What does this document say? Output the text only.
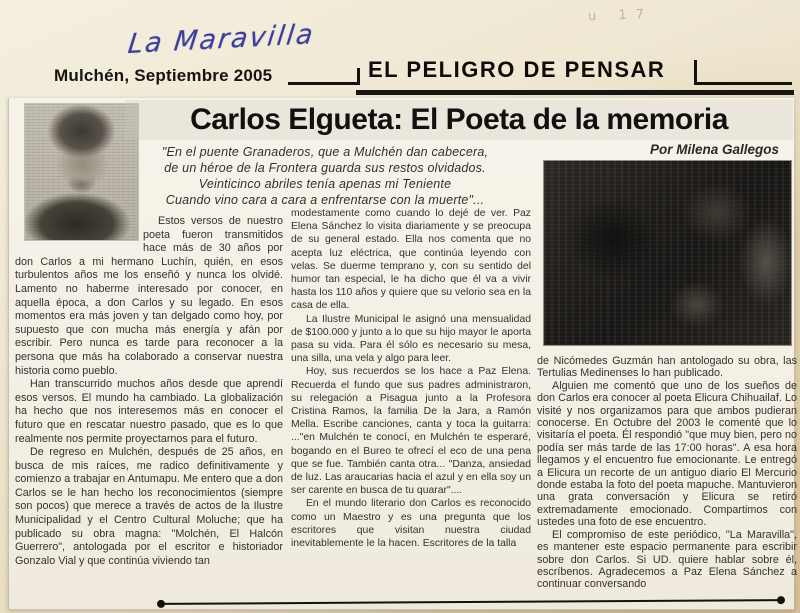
La Maravilla
u 17
Mulchén, Septiembre 2005	EL PELIGRO DE PENSAR
Carlos Elgueta: El Poeta de la memoria
"En el puente Granaderos, que a Mulchén dan cabecera,
de un héroe de la Frontera guarda sus restos olvidados.
Veinticinco abriles tenía apenas mi Teniente
Cuando vino cara a cara a enfrentarse con la muerte"...
Por Milena Gallegos

Estos versos de nuestro poeta fueron transmitidos hace más de 30 años por don Carlos a mi hermano Luchín, quién, en esos turbulentos años me los enseñó y nunca los olvidé. Lamento no haberme interesado por conocer, en aquella época, a don Carlos y su legado. En esos momentos era más joven y tan delgado como hoy, por supuesto que con mucha más energía y afán por escribir. Pero nunca es tarde para reconocer a la persona que más ha colaborado a conservar nuestra historia como pueblo.

Han transcurrido muchos años desde que aprendí esos versos. El mundo ha cambiado. La globalización ha hecho que nos interesemos más en conocer el futuro que en rescatar nuestro pasado, que es lo que realmente nos permite proyectarnos para el futuro.

De regreso en Mulchén, después de 25 años, en busca de mis raíces, me radico definitivamente y comienzo a trabajar en Antumapu. Me entero que a don Carlos se le han hecho los reconocimientos (siempre son pocos) que merece a través de actos de la Ilustre Municipalidad y el Centro Cultural Moluche; que ha publicado su obra magna: "Molchén, El Halcón Guerrero", antologada por el escritor e historiador Gonzalo Vial y que continúa viviendo tan

modestamente como cuando lo dejé de ver. Paz Elena Sánchez lo visita diariamente y se preocupa de su general estado. Ella nos comenta que no acepta luz eléctrica, que continúa leyendo con velas. Se duerme temprano y, con su sentido del humor tan especial, le ha dicho que él va a vivir hasta los 110 años y quiere que su velorio sea en la casa de ella.

La Ilustre Municipal le asignó una mensualidad de $100.000 y junto a lo que su hijo mayor le aporta pasa su vida. Para él sólo es necesario su mesa, una silla, una vela y algo para leer.

Hoy, sus recuerdos se los hace a Paz Elena. Recuerda el fundo que sus padres administraron, su relegación a Pisagua junto a la Profesora Cristina Ramos, la familia De la Jara, a Ramón Mella. Escribe canciones, canta y toca la guitarra: ..."en Mulchén te conocí, en Mulchén te esperaré, bogando en el Bureo te ofrecí el eco de una pena que se fue. También canta otra... "Danza, ansiedad de luz. Las araucarias hacia el azul y en ella soy un ser carente en busca de tu quarar"....

En el mundo literario don Carlos es reconocido como un Maestro y es una pregunta que los escritores que visitan nuestra ciudad inevitablemente le la hacen. Escritores de la talla

de Nicómedes Guzmán han antologado su obra, las Tertulias Medinenses lo han publicado.

Alguien me comentó que uno de los sueños de don Carlos era conocer al poeta Elicura Chihuailaf. Lo visité y nos organizamos para que ambos pudieran conocerse. En Octubre del 2003 le comenté que lo visitaría el poeta. Él respondió "que muy bien, pero no podía ser más tarde de las 17:00 horas". A esa hora llegamos y el encuentro fue emocionante. Le entregó a Elicura un recorte de un antiguo diario El Mercurio donde estaba la foto del poeta mapuche. Mantuvieron una grata conversación y Elicura se retiró extremadamente emocionado. Compartimos con ustedes una foto de ese encuentro.

El compromiso de este periódico, "La Maravilla", es mantener este espacio permanente para escribir sobre don Carlos. Si UD. quiere hablar sobre él, escríbenos. Agradecemos a Paz Elena Sánchez a continuar conversando
